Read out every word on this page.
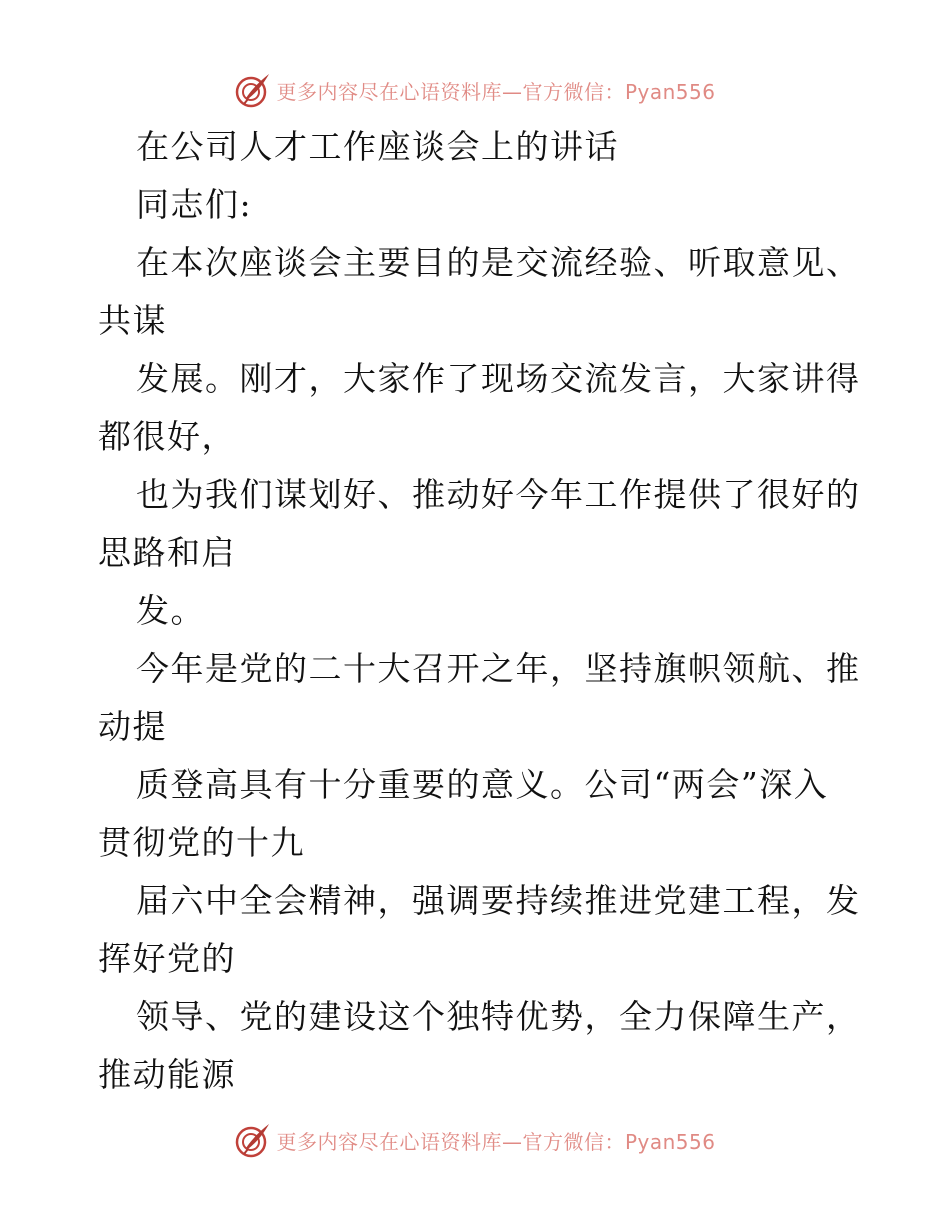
更多内容尽在心语资料库—官方微信：Pyan556
在公司人才工作座谈会上的讲话
同志们:
在本次座谈会主要目的是交流经验、听取意见、
共谋
发展。刚才，大家作了现场交流发言，大家讲得
都很好，
也为我们谋划好、推动好今年工作提供了很好的
思路和启
发。
今年是党的二十大召开之年，坚持旗帜领航、推
动提
质登高具有十分重要的意义。公司“两会”深入
贯彻党的十九
届六中全会精神，强调要持续推进党建工程，发
挥好党的
领导、党的建设这个独特优势，全力保障生产，
推动能源
更多内容尽在心语资料库—官方微信：Pyan556
